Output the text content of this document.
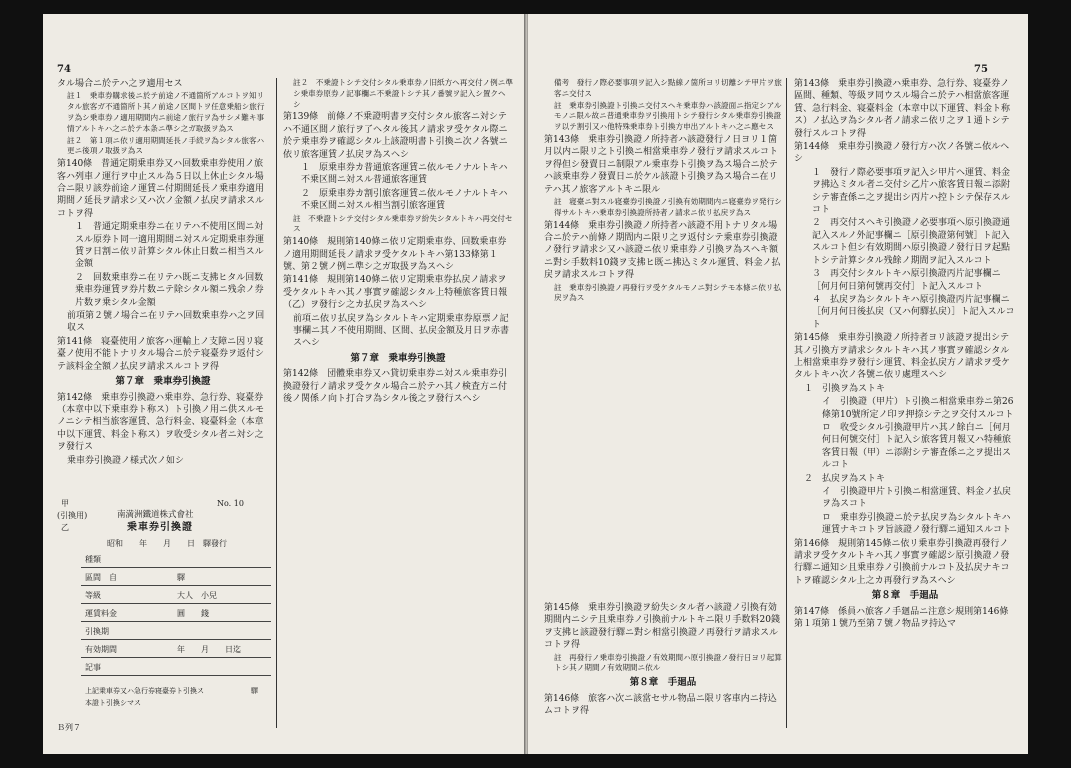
74
タル場合ニ於テハ之ヲ適用セス
註１　乗車券購求後ニ於テ前途ノ不通箇所アルコトヲ知リタル旅客ガ不通箇所ト其ノ前途ノ区間トヲ任意乗船シ旅行ヲ為シ乗車券ノ適用期間内ニ前途ノ旅行ヲ為サシメ難キ事情アルトキハ之ニ於テ本条ニ準シ之ガ取扱ヲ為ス
註２　第１項ニ依リ適用期間延長ノ手続ヲ為シタル旅客ハ更ニ後項ノ取扱ヲ為ス
第140條　普通定期乗車券又ハ回数乗車券使用ノ旅客ハ列車ノ運行ヲ中止スル為５日以上休止シタル場合ニ限リ該券前途ノ運賃ニ付期間延長ノ乗車券適用期間ノ延長ヲ請求シ又ハ次ノ金額ノ払戻ヲ請求スルコトヲ得
１　普通定期乗車券ニ在リテハ不使用区間ニ対スル原券ト同一適用期間ニ対スル定期乗車券運賃ヲ日割ニ依リ計算シタル休止日数ニ相当スル金額
２　回数乗車券ニ在リテハ既ニ支拂ヒタル回数乗車券運賃ヲ券片数ニテ除シタル額ニ残余ノ券片数ヲ乗シタル金額
前項第２號ノ場合ニ在リテハ回数乗車券ハ之ヲ回収ス
第141條　寝臺使用ノ旅客ハ運輸上ノ支障ニ因リ寝臺ノ使用不能トナリタル場合ニ於テ寝臺券ヲ返付シテ該料金全額ノ払戻ヲ請求スルコトヲ得
第７章　乗車券引換證
第142條　乗車券引換證ハ乗車券、急行券、寝臺券（本章中以下乗車券ト称ス）ト引換ノ用ニ供スルモノニシテ相当旅客運賃、急行料金、寝臺料金（本章中以下運賃、料金ト称ス）ヲ收受シタル者ニ対シ之ヲ發行ス
乗車券引換證ノ様式次ノ如シ
註２　不乗證トシテ交付シタル乗車券ノ旧紙方ヘ再交付ノ例ニ準シ乗車券原券ノ記事欄ニ不乗證トシテ其ノ番號ヲ記入シ置クヘシ
第139條　前條ノ不乗證明書ヲ交付シタル旅客ニ対シテハ不通区間ノ旅行ヲ了ヘタル後其ノ請求ヲ受ケタル際ニ於テ乗車券ヲ確認シタル上該證明書ト引換ニ次ノ各號ニ依リ旅客運賃ノ払戻ヲ為スヘシ
１　原乗車券カ普通旅客運賃ニ依ルモノナルトキハ不乗区間ニ対スル普通旅客運賃
２　原乗車券カ割引旅客運賃ニ依ルモノナルトキハ不乗区間ニ対スル相当割引旅客運賃
註　不乗證トシテ交付シタル乗車券ヲ紛失シタルトキハ再交付セス
第140條　規則第140條ニ依リ定期乗車券、回数乗車券ノ適用期間延長ノ請求ヲ受ケタルトキハ第133條第１號、第２號ノ例ニ準シ之ガ取扱ヲ為スヘシ
第141條　規則第140條ニ依リ定期乗車券払戻ノ請求ヲ受ケタルトキハ其ノ事實ヲ確認シタル上特種旅客賃日報（乙）ヲ發行シ之カ払戻ヲ為スヘシ
前項ニ依リ払戻ヲ為シタルトキハ定期乗車券原票ノ記事欄ニ其ノ不使用期間、区間、払戻金額及月日ヲ赤書スヘシ
第７章　乗車券引換證
第142條　団體乗車券又ハ貸切乗車券ニ対スル乗車券引換證發行ノ請求ヲ受ケタル場合ニ於テハ其ノ検査方ニ付後ノ関係ノ向ト打合ヲ為シタル後之ヲ發行スヘシ
甲	No. 10
(引換用)	南満洲鐵道株式會社
乙	乗車券引換證
昭和　　年　　月　　日　驛發行
種類
區間　自	驛
等級	大人　小兒
運賃料金	圓　　錢
引換期
有効期間	年　　月　　日迄
記事
上記乗車券又ハ急行券寝臺券ト引換ス	驛
本證ト引換シマス
Ｂ列７
75
備考　發行ノ際必要事項ヲ記入シ點線ノ箇所ヨリ切離シテ甲片ヲ旅客ニ交付ス
註　乗車券引換證ト引換ニ交付スヘキ乗車券ハ該證面ニ指定シアルモノニ限ル故ニ普通乗車券ヲ引換用トシテ發行シタル乗車券引換證ヲ以テ割引又ハ他特殊乗車券ト引換方申出アルトキハ之ニ應セス
第143條　乗車券引換證ノ所持者ハ該證發行ノ日ヨリ１箇月以内ニ限リ之ト引換ニ相當乗車券ノ發行ヲ請求スルコトヲ得但シ發賣日ニ制限アル乗車券ト引換ヲ為ス場合ニ於テハ該乗車券ノ發賣日ニ於ケル該證ト引換ヲ為ス場合ニ在リテハ其ノ旅客アルトキニ限ル
註　寝臺ニ對スル寝臺券引換證ノ引換有効期間内ニ寝臺券ヲ発行シ得サルトキハ乗車券引換證所持者ノ請求ニ依リ払戻ヲ為ス
第144條　乗車券引換證ノ所持者ハ該證不用トナリタル場合ニ於テハ前條ノ期間内ニ限リ之ヲ返付シテ乗車券引換證ノ發行ヲ請求シ又ハ該證ニ依リ乗車券ノ引換ヲ為スヘキ額ニ對シ手数料10錢ヲ支拂ヒ既ニ拂込ミタル運賃、料金ノ払戻ヲ請求スルコトヲ得
註　乗車券引換證ノ再發行ヲ受ケタルモノニ對シテモ本條ニ依リ払戻ヲ為ス
第145條　乗車券引換證ヲ紛失シタル者ハ該證ノ引換有効期間内ニシテ且乗車券ノ引換前ナルトキニ限リ手数料20錢ヲ支拂ヒ該證發行驛ニ對シ相當引換證ノ再發行ヲ請求スルコトヲ得
註　再發行ノ乗車券引換證ノ有效期間ハ原引換證ノ發行日ヨリ起算トシ其ノ期間ノ有效期間ニ依ル
第８章　手廻品
第146條　旅客ハ次ニ該當セサル物品ニ限リ客車内ニ持込ムコトヲ得
第143條　乗車券引換證ハ乗車券、急行券、寝臺券ノ區間、種類、等級ヲ同ウスル場合ニ於テハ相當旅客運賃、急行料金、寝臺料金（本章中以下運賃、料金ト称ス）ノ払込ヲ為シタル者ノ請求ニ依リ之ヲ１通トシテ發行スルコトヲ得
第144條　乗車券引換證ノ發行方ハ次ノ各號ニ依ルヘシ
１　發行ノ際必要事項ヲ記入シ甲片ヘ運賃、料金ヲ拂込ミタル者ニ交付シ乙片ハ旅客賃日報ニ添附シテ審査係ニ之ヲ提出シ丙片ハ控トシテ保存スルコト
２　再交付スヘキ引換證ノ必要事項ヘ原引換證通記入スルノ外記事欄ニ［原引換證第何號］ト記入スルコト但シ有效期間ハ原引換證ノ發行日ヲ起點トシテ計算シタル残餘ノ期間ヲ記入スルコト
３　再交付シタルトキハ原引換證丙片記事欄ニ［何月何日第何號再交付］ト記入スルコト
４　払戻ヲ為シタルトキハ原引換證丙片記事欄ニ［何月何日後払戻（又ハ何驛払戻）］ト記入スルコト
第145條　乗車券引換證ノ所持者ヨリ該證ヲ提出シテ其ノ引換方ヲ請求シタルトキハ其ノ事實ヲ確認シタル上相當乗車券ヲ發行シ運賃、料金払戻方ノ請求ヲ受ケタルトキハ次ノ各號ニ依リ處理スヘシ
１　引換ヲ為ストキ
イ　引換證（甲片）ト引換ニ相當乗車券ニ第26條第10號所定ノ印ヲ押捺シテ之ヲ交付スルコト
ロ　收受シタル引換證甲片ハ其ノ餘白ニ［何月何日何號交付］ト記入シ旅客賃月報又ハ特種旅客賃日報（甲）ニ添附シテ審査係ニ之ヲ提出スルコト
２　払戻ヲ為ストキ
イ　引換證甲片ト引換ニ相當運賃、料金ノ払戻ヲ為スコト
ロ　乗車券引換證ニ於テ払戻ヲ為シタルトキハ運賃ナキコトヲ旨該證ノ發行驛ニ通知スルコト
第146條　規則第145條ニ依リ乗車券引換證再發行ノ請求ヲ受ケタルトキハ其ノ事實ヲ確認シ原引換證ノ發行驛ニ通知シ且乗車券ノ引換前ナルコト及払戻ナキコトヲ確認シタル上之カ再發行ヲ為スヘシ
第８章　手廻品
第147條　係員ハ旅客ノ手廻品ニ注意シ規則第146條第１項第１號乃至第７號ノ物品ヲ持込マ
